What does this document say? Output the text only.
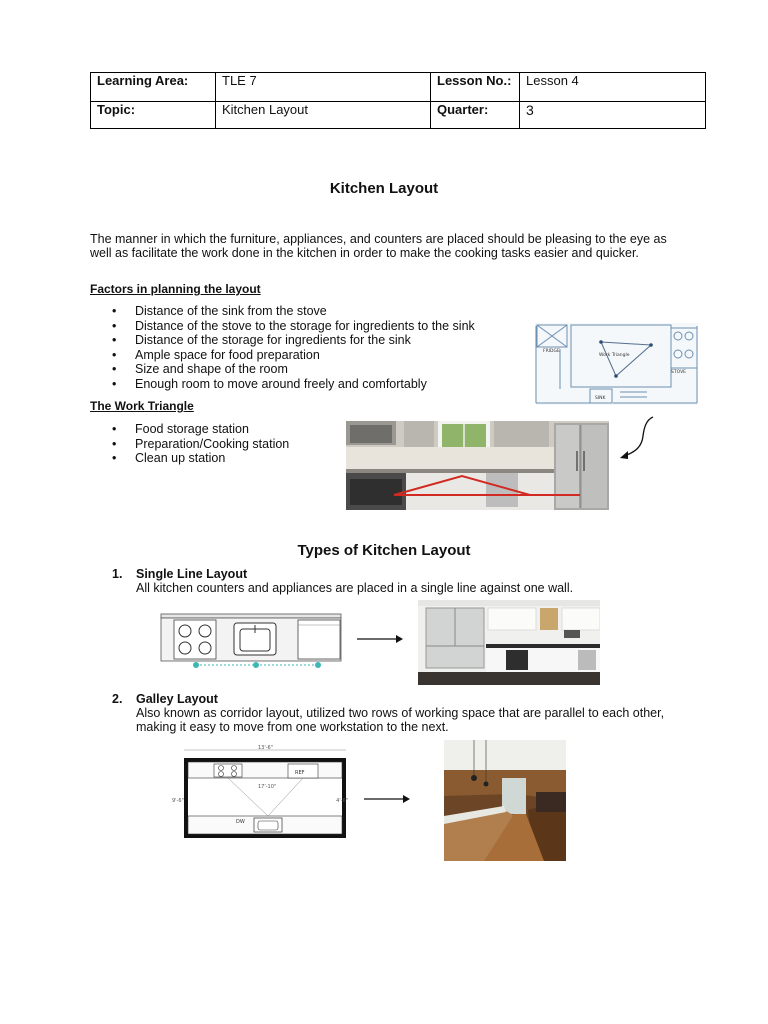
Learning Area:	TLE 7	Lesson No.:	Lesson 4
Topic:	Kitchen Layout	Quarter:	3
Kitchen Layout
The manner in which the furniture, appliances, and counters are placed should be pleasing to the eye as well as facilitate the work done in the kitchen in order to make the cooking tasks easier and quicker.
Factors in planning the layout
• Distance of the sink from the stove
• Distance of the stove to the storage for ingredients to the sink
• Distance of the storage for ingredients for the sink
• Ample space for food preparation
• Size and shape of the room
• Enough room to move around freely and comfortably
FRIDGE
Work Triangle
STOVE
SINK
The Work Triangle
• Food storage station
• Preparation/Cooking station
• Clean up station
Types of Kitchen Layout
1. Single Line Layout
All kitchen counters and appliances are placed in a single line against one wall.
2. Galley Layout
Also known as corridor layout, utilized two rows of working space that are parallel to each other, making it easy to move from one workstation to the next.
13'-6"
REF
DW
17'-10"
9'-6"	4'-6"
